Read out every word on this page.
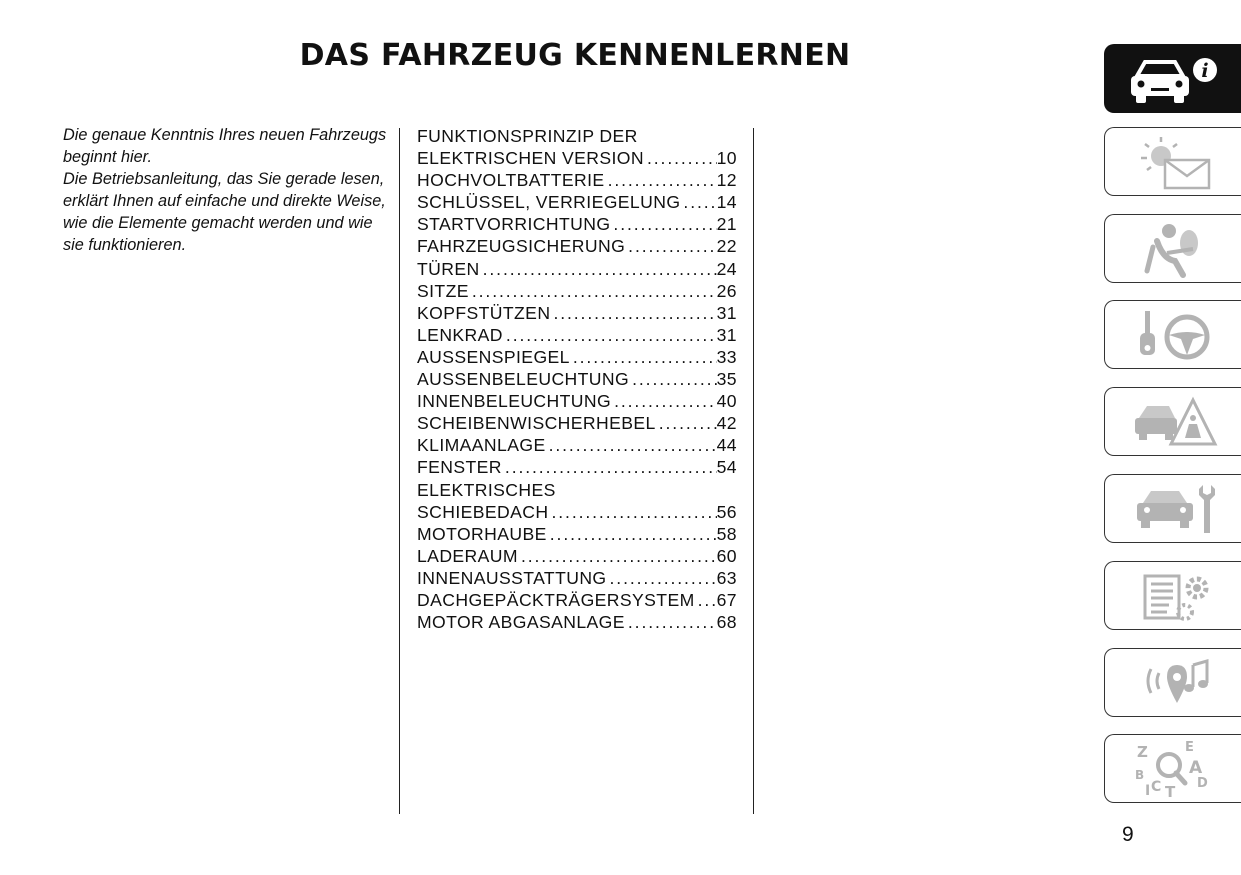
DAS FAHRZEUG KENNENLERNEN

Die genaue Kenntnis Ihres neuen Fahrzeugs beginnt hier.

Die Betriebsanleitung, das Sie gerade lesen, erklärt Ihnen auf einfache und direkte Weise, wie die Elemente gemacht werden und wie sie funktionieren.

FUNKTIONSPRINZIP DER
ELEKTRISCHEN VERSION . . .	10
HOCHVOLTBATTERIE . . .	12
SCHLÜSSEL, VERRIEGELUNG . . . 14
STARTVORRICHTUNG . . .	21
FAHRZEUGSICHERUNG . . .	22
TÜREN . . .	24
SITZE . . .	26
KOPFSTÜTZEN . . .	31
LENKRAD . . .	31
AUSSENSPIEGEL . . .	33
AUSSENBELEUCHTUNG . . .	35
INNENBELEUCHTUNG . . .	40
SCHEIBENWISCHERHEBEL . . .	42
KLIMAANLAGE . . .	44
FENSTER . . .	54
ELEKTRISCHES
SCHIEBEDACH . . .	56
MOTORHAUBE . . .	58
LADERAUM . . .	60
INNENAUSSTATTUNG . . .	63
DACHGEPÄCKTRÄGERSYSTEM . . . 67
MOTOR ABGASANLAGE . . .	68
i
Z	E
B	A
C T D
I
9
